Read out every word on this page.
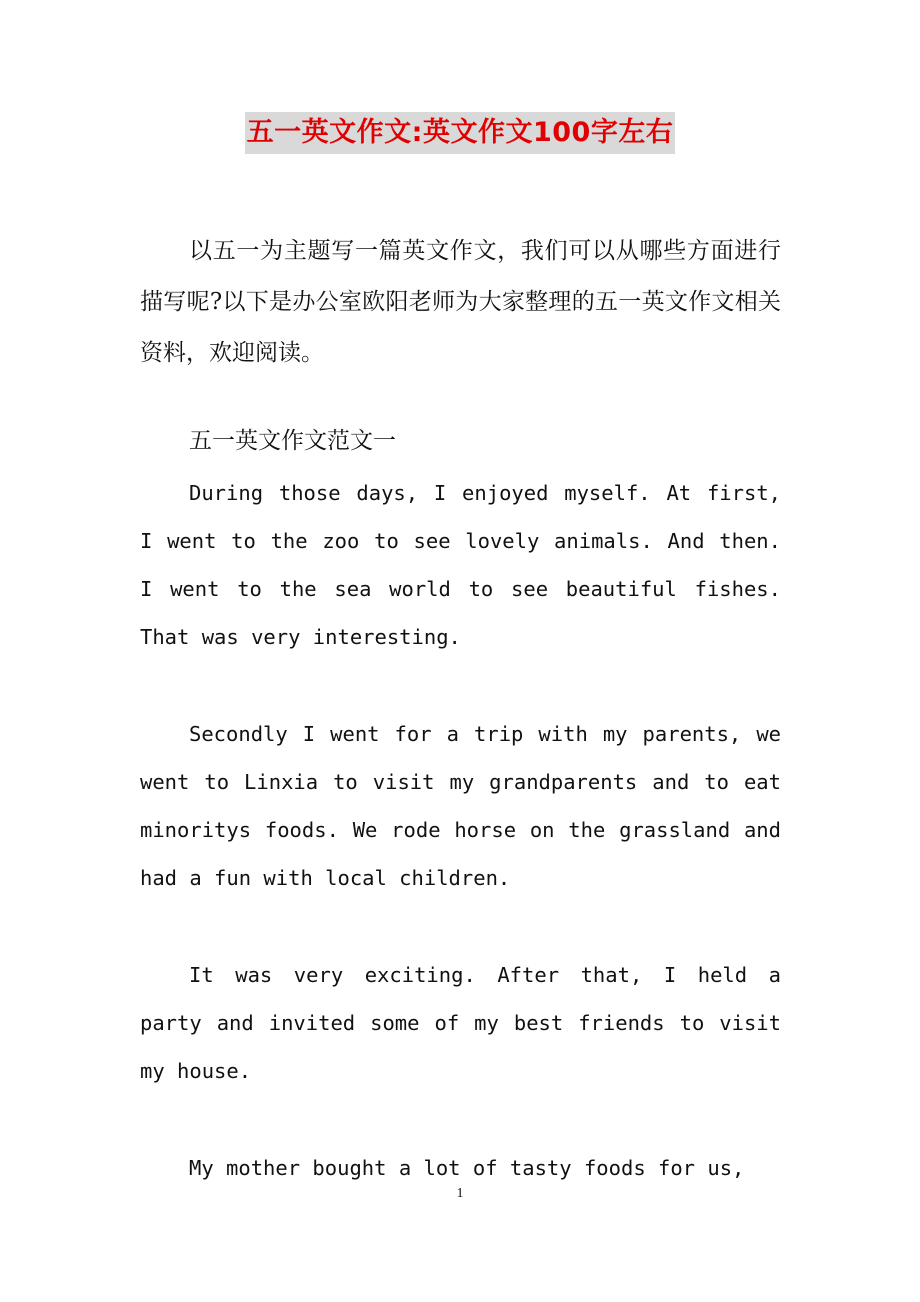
五一英文作文:英文作文100字左右

以五一为主题写一篇英文作文，我们可以从哪些方面进行描写呢?以下是办公室欧阳老师为大家整理的五一英文作文相关资料，欢迎阅读。

五一英文作文范文一

During those days, I enjoyed myself. At first, I went to the zoo to see lovely animals. And then. I went to the sea world to see beautiful fishes. That was very interesting.

Secondly I went for a trip with my parents, we went to Linxia to visit my grandparents and to eat minoritys foods. We rode horse on the grassland and had a fun with local children.

It was very exciting. After that, I held a party and invited some of my best friends to visit my house.

My mother bought a lot of tasty foods for us,

1
